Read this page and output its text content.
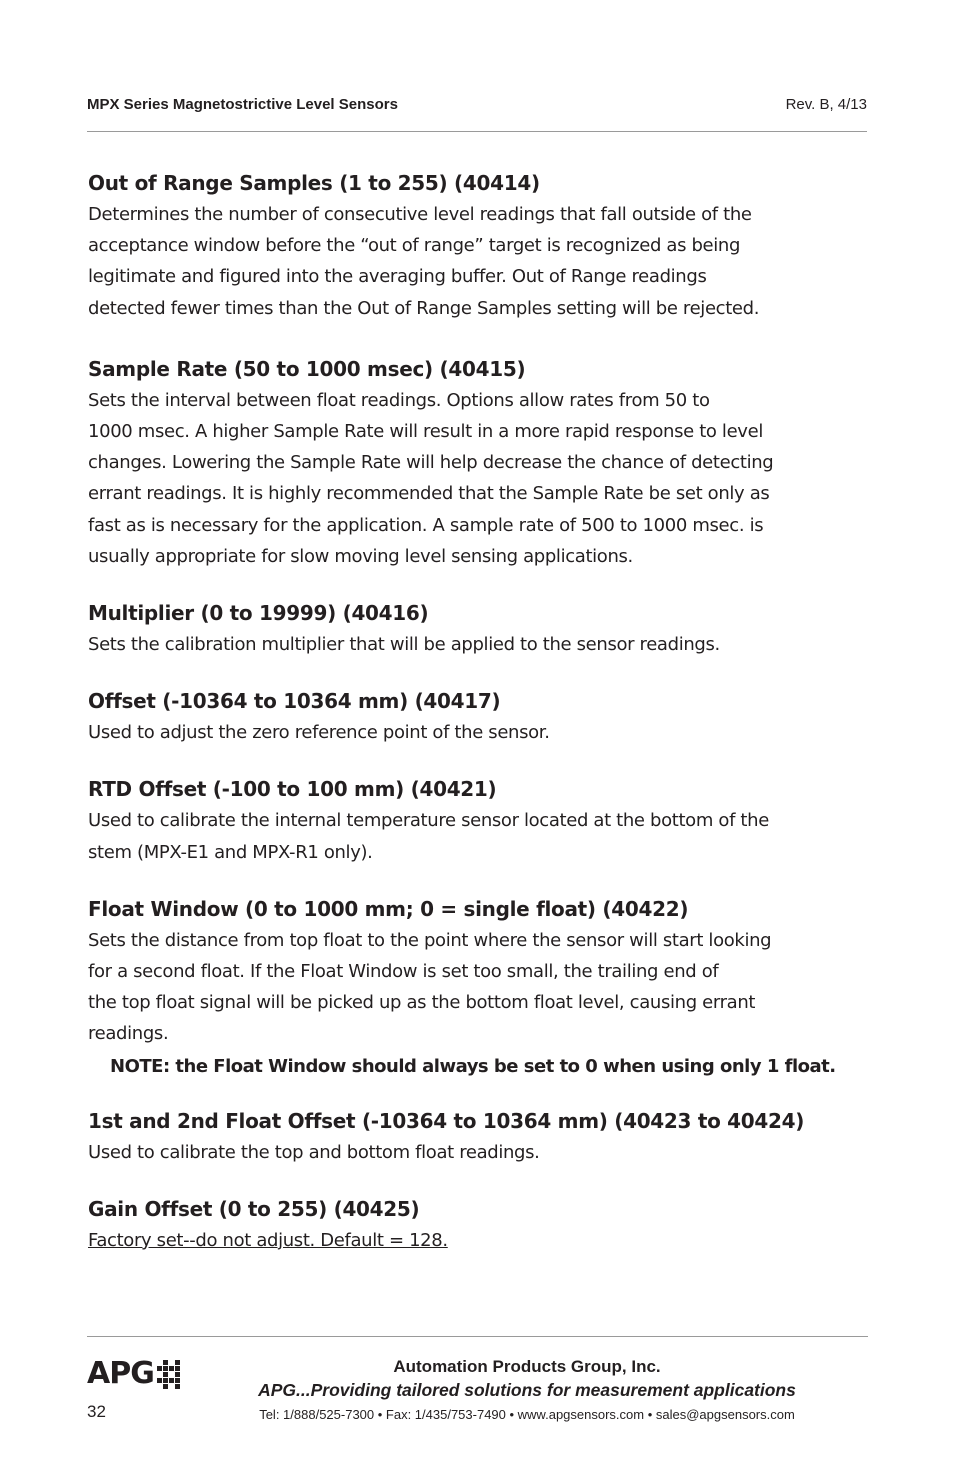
MPX Series Magnetostrictive Level Sensors	Rev. B, 4/13
Out of Range Samples (1 to 255) (40414)

Determines the number of consecutive level readings that fall outside of the
acceptance window before the “out of range” target is recognized as being
legitimate and figured into the averaging buffer. Out of Range readings
detected fewer times than the Out of Range Samples setting will be rejected.

Sample Rate (50 to 1000 msec) (40415)

Sets the interval between float readings. Options allow rates from 50 to
1000 msec. A higher Sample Rate will result in a more rapid response to level
changes. Lowering the Sample Rate will help decrease the chance of detecting
errant readings. It is highly recommended that the Sample Rate be set only as
fast as is necessary for the application. A sample rate of 500 to 1000 msec. is
usually appropriate for slow moving level sensing applications.

Multiplier (0 to 19999) (40416)

Sets the calibration multiplier that will be applied to the sensor readings.

Offset (-10364 to 10364 mm) (40417)

Used to adjust the zero reference point of the sensor.

RTD Offset (-100 to 100 mm) (40421)

Used to calibrate the internal temperature sensor located at the bottom of the
stem (MPX-E1 and MPX-R1 only).

Float Window (0 to 1000 mm; 0 = single float) (40422)

Sets the distance from top float to the point where the sensor will start looking
for a second float. If the Float Window is set too small, the trailing end of
the top float signal will be picked up as the bottom float level, causing errant
readings.

NOTE: the Float Window should always be set to 0 when using only 1 float.
1st and 2nd Float Offset (-10364 to 10364 mm) (40423 to 40424)

Used to calibrate the top and bottom float readings.

Gain Offset (0 to 255) (40425)

Factory set--do not adjust. Default = 128.

APG
32
Automation Products Group, Inc.
APG...Providing tailored solutions for measurement applications
Tel: 1/888/525-7300 • Fax: 1/435/753-7490 • www.apgsensors.com • sales@apgsensors.com
